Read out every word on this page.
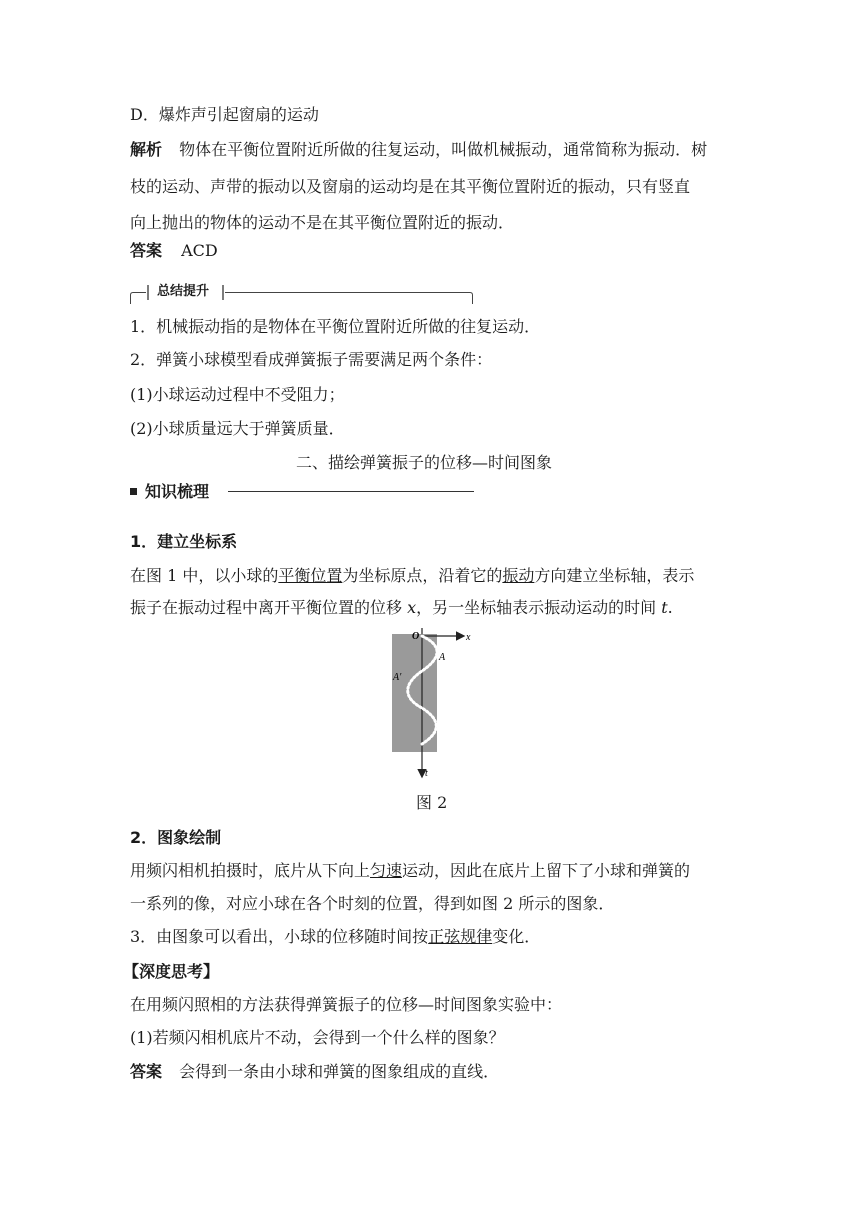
D．爆炸声引起窗扇的运动
解析 物体在平衡位置附近所做的往复运动，叫做机械振动，通常简称为振动．树
枝的运动、声带的振动以及窗扇的运动均是在其平衡位置附近的振动，只有竖直
向上抛出的物体的运动不是在其平衡位置附近的振动．
答案 ACD
总结提升
1．机械振动指的是物体在平衡位置附近所做的往复运动．
2．弹簧小球模型看成弹簧振子需要满足两个条件：
(1)小球运动过程中不受阻力；
(2)小球质量远大于弹簧质量．
二、描绘弹簧振子的位移—时间图象
知识梳理
1．建立坐标系
在图 1 中，以小球的平衡位置为坐标原点，沿着它的振动方向建立坐标轴，表示
振子在振动过程中离开平衡位置的位移 x，另一坐标轴表示振动运动的时间 t.
O	x
A
A′
t
图 2
2．图象绘制
用频闪相机拍摄时，底片从下向上匀速运动，因此在底片上留下了小球和弹簧的
一系列的像，对应小球在各个时刻的位置，得到如图 2 所示的图象．
3．由图象可以看出，小球的位移随时间按正弦规律变化．
【深度思考】
在用频闪照相的方法获得弹簧振子的位移—时间图象实验中：
(1)若频闪相机底片不动，会得到一个什么样的图象？
答案 会得到一条由小球和弹簧的图象组成的直线．
